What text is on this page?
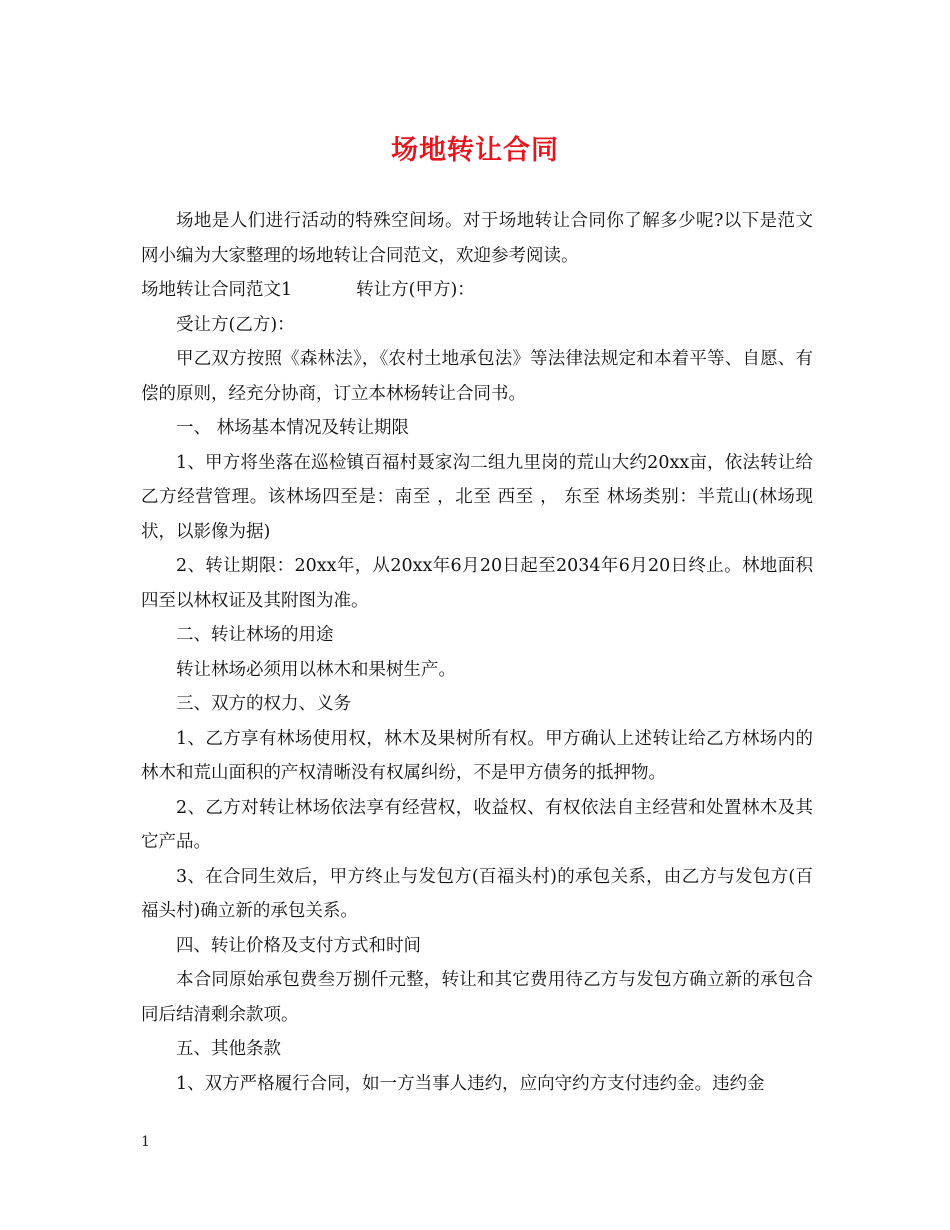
场地转让合同

场地是人们进行活动的特殊空间场。对于场地转让合同你了解多少呢?以下是范文网小编为大家整理的场地转让合同范文，欢迎参考阅读。

场地转让合同范文1	转让方(甲方)：

受让方(乙方)：

甲乙双方按照《森林法》，《农村土地承包法》等法律法规定和本着平等、自愿、有偿的原则，经充分协商，订立本林杨转让合同书。

一、 林场基本情况及转让期限

1、甲方将坐落在巡检镇百福村聂家沟二组九里岗的荒山大约20xx亩，依法转让给乙方经营管理。该林场四至是：南至 ，北至 西至 ， 东至 林场类别：半荒山(林场现状，以影像为据)

2、转让期限：20xx年，从20xx年6月20日起至2034年6月20日终止。林地面积四至以林权证及其附图为准。

二、转让林场的用途

转让林场必须用以林木和果树生产。

三、双方的权力、义务

1、乙方享有林场使用权，林木及果树所有权。甲方确认上述转让给乙方林场内的林木和荒山面积的产权清晰没有权属纠纷，不是甲方债务的抵押物。

2、乙方对转让林场依法享有经营权，收益权、有权依法自主经营和处置林木及其它产品。

3、在合同生效后，甲方终止与发包方(百福头村)的承包关系，由乙方与发包方(百福头村)确立新的承包关系。

四、转让价格及支付方式和时间

本合同原始承包费叁万捌仟元整，转让和其它费用待乙方与发包方确立新的承包合同后结清剩余款项。

五、其他条款

1、双方严格履行合同，如一方当事人违约，应向守约方支付违约金。违约金

1
